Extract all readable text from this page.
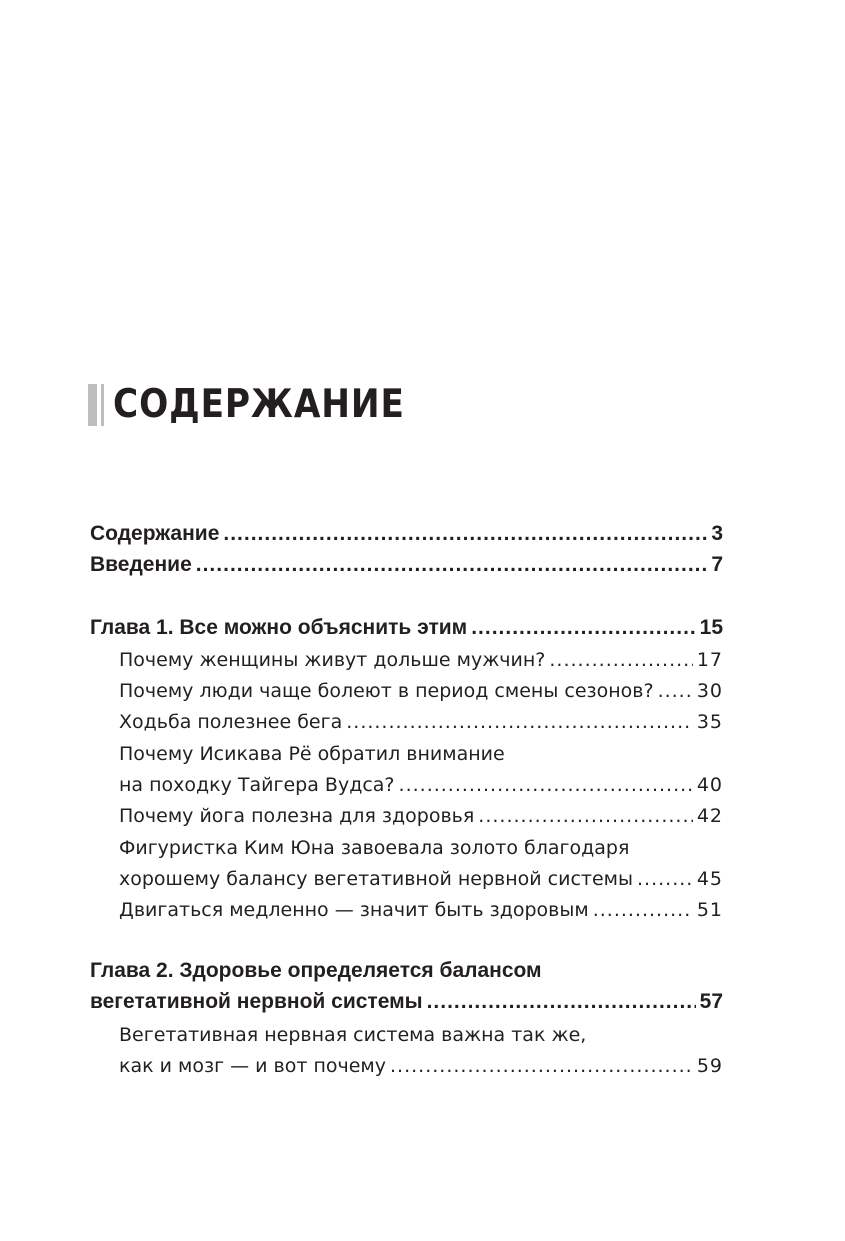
СОДЕРЖАНИЕ
Содержание .....	3
Введение .....	7
Глава 1. Все можно объяснить этим .....	15
Почему женщины живут дольше мужчин? .....	17
Почему люди чаще болеют в период смены сезонов? ..... 30
Ходьба полезнее бега .....	35
Почему Исикава Рё обратил внимание
на походку Тайгера Вудса? .....	40
Почему йога полезна для здоровья .....	42
Фигуристка Ким Юна завоевала золото благодаря
хорошему балансу вегетативной нервной системы .....	45
Двигаться медленно — значит быть здоровым .....	51
Глава 2. Здоровье определяется балансом
вегетативной нервной системы .....	57
Вегетативная нервная система важна так же,
как и мозг — и вот почему .....	59
